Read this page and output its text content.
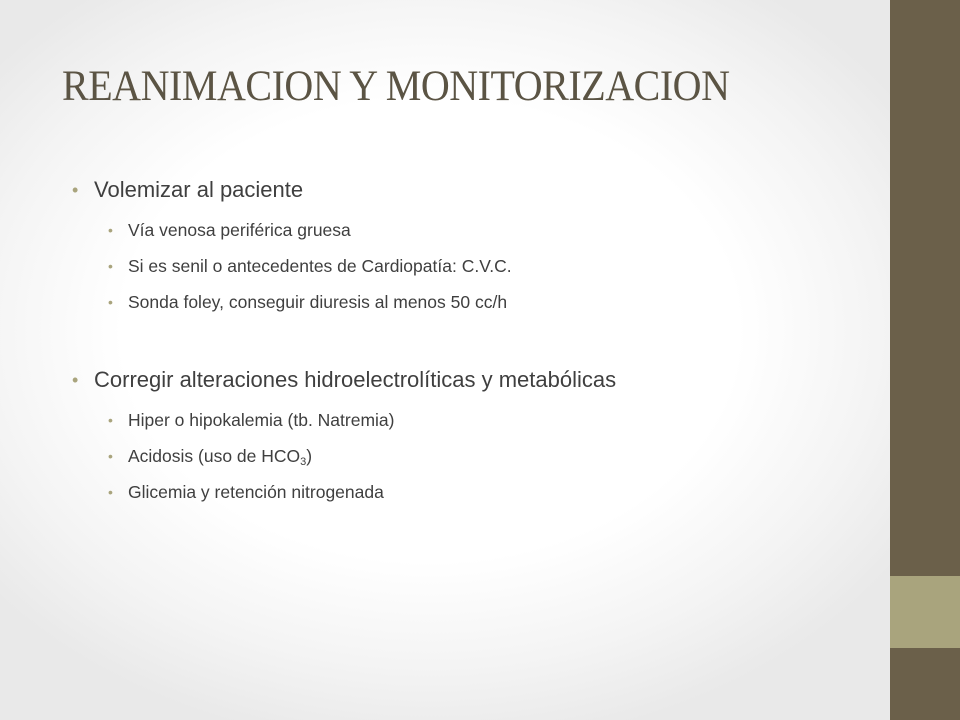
REANIMACION Y MONITORIZACION
• Volemizar al paciente
• Vía venosa periférica gruesa
• Si es senil o antecedentes de Cardiopatía: C.V.C.
• Sonda foley, conseguir diuresis al menos 50 cc/h
• Corregir alteraciones hidroelectrolíticas y metabólicas
• Hiper o hipokalemia (tb. Natremia)
• Acidosis (uso de $HCO_3$)
• Glicemia y retención nitrogenada
